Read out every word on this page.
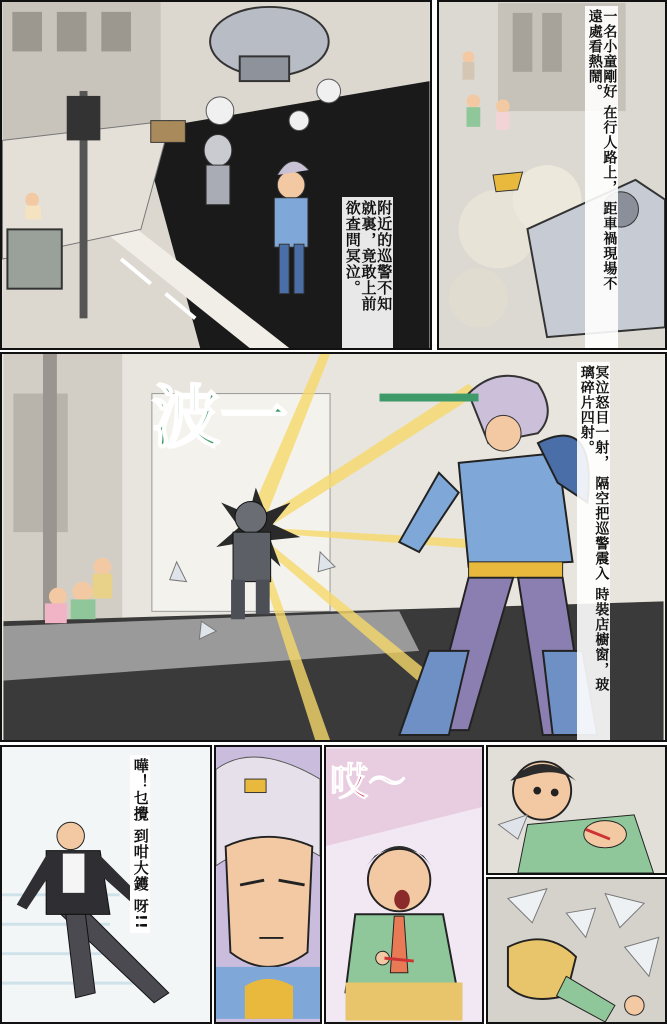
附近的巡警不知 就裏，竟敢上前 欲查問冥泣。
一名小童剛好 在行人路上， 距車禍現場不 遠處看熱鬧。
波一	冥泣怒目一射， 隔空把巡警震入 時裝店櫥窗，玻 璃碎片四射。
嘩！乜攪 到咁大鑊 呀!!
哎〜
